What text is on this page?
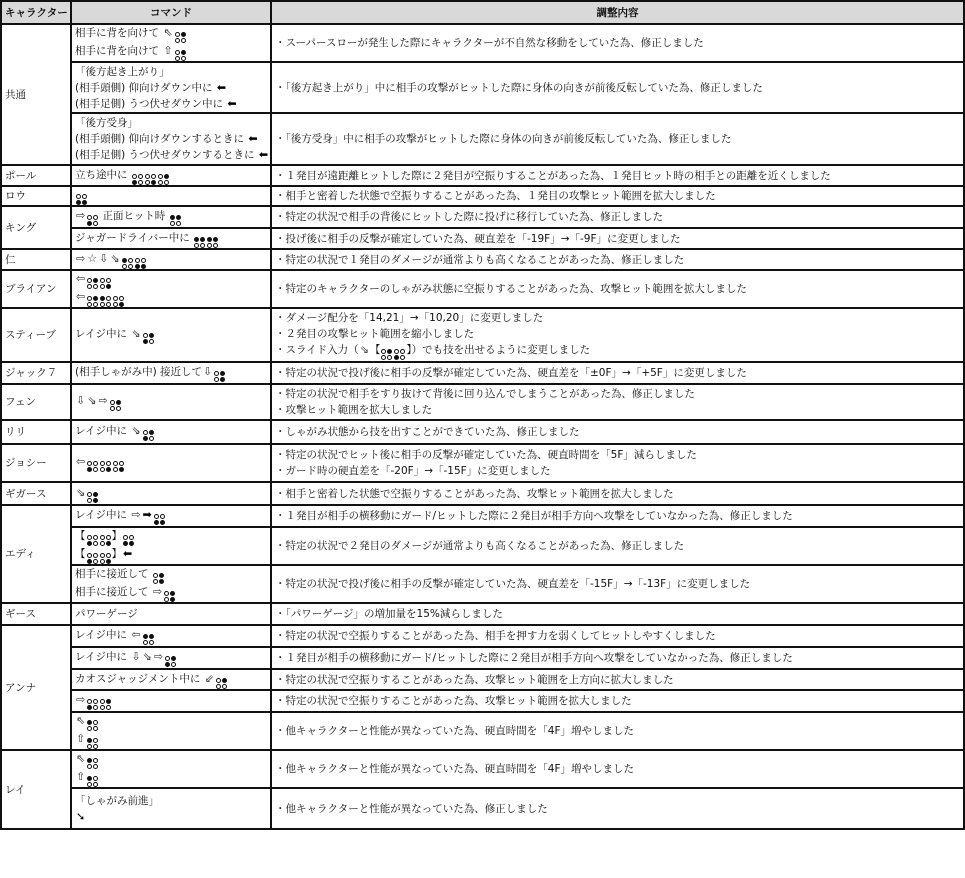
キャラクター	コマンド	調整内容
共通	相手に背を向けて ⇖
相手に背を向けて ⇧	・スーパースローが発生した際にキャラクターが不自然な移動をしていた為、修正しました

	「後方起き上がり」
(相手頭側) 仰向けダウン中に ⬅
(相手足側) うつ伏せダウン中に ⬅	・「後方起き上がり」中に相手の攻撃がヒットした際に身体の向きが前後反転していた為、修正しました

	「後方受身」
(相手頭側) 仰向けダウンするときに ⬅
(相手足側) うつ伏せダウンするときに ⬅	・「後方受身」中に相手の攻撃がヒットした際に身体の向きが前後反転していた為、修正しました

ポール	立ち途中に	・１発目が遠距離ヒットした際に２発目が空振りすることがあった為、１発目ヒット時の相手との距離を近くしました

ロウ		・相手と密着した状態で空振りすることがあった為、１発目の攻撃ヒット範囲を拡大しました

キング	⇨
正面ヒット時	・特定の状況で相手の背後にヒットした際に投げに移行していた為、修正しました

	ジャガードライバー中に	・投げ後に相手の反撃が確定していた為、硬直差を「-19F」→「-9F」に変更しました

仁	⇨ ☆ ⇩ ⇘	・特定の状況で１発目のダメージが通常よりも高くなることがあった為、修正しました

ブライアン	⇦
⇦	・特定のキャラクターのしゃがみ状態に空振りすることがあった為、攻撃ヒット範囲を拡大しました

スティーブ	レイジ中に ⇘	・ダメージ配分を「14,21」→「10,20」に変更しました
・２発目の攻撃ヒット範囲を縮小しました
・スライド入力（⇘【 】）でも技を出せるように変更しました

ジャック７	(相手しゃがみ中) 接近して⇩	・特定の状況で投げ後に相手の反撃が確定していた為、硬直差を「±0F」→「+5F」に変更しました

フェン	⇩ ⇘ ⇨	・特定の状況で相手をすり抜けて背後に回り込んでしまうことがあった為、修正しました
・攻撃ヒット範囲を拡大しました

リリ	レイジ中に ⇘	・しゃがみ状態から技を出すことができていた為、修正しました

ジョシー	⇦	・特定の状況でヒット後に相手の反撃が確定していた為、硬直時間を「5F」減らしました
・ガード時の硬直差を「-20F」→「-15F」に変更しました

ギガース	⇘	・相手と密着した状態で空振りすることがあった為、攻撃ヒット範囲を拡大しました

エディ	レイジ中に ⇨ ➡	・１発目が相手の横移動にガード/ヒットした際に２発目が相手方向へ攻撃をしていなかった為、修正しました

	【 】
【 】⬅	・特定の状況で２発目のダメージが通常よりも高くなることがあった為、修正しました

	相手に接近して
相手に接近して ⇨	・特定の状況で投げ後に相手の反撃が確定していた為、硬直差を「-15F」→「-13F」に変更しました

ギース	パワーゲージ	・「パワーゲージ」の増加量を15%減らしました

アンナ	レイジ中に ⇦	・特定の状況で空振りすることがあった為、相手を押す力を弱くしてヒットしやすくしました

	レイジ中に ⇩ ⇘ ⇨	・１発目が相手の横移動にガード/ヒットした際に２発目が相手方向へ攻撃をしていなかった為、修正しました

	カオスジャッジメント中に ⇙	・特定の状況で空振りすることがあった為、攻撃ヒット範囲を上方向に拡大しました

	⇨	・特定の状況で空振りすることがあった為、攻撃ヒット範囲を拡大しました

	⇖
⇧	・他キャラクターと性能が異なっていた為、硬直時間を「4F」増やしました

レイ	⇖
⇧	・他キャラクターと性能が異なっていた為、硬直時間を「4F」増やしました

	「しゃがみ前進」
➘	・他キャラクターと性能が異なっていた為、修正しました
